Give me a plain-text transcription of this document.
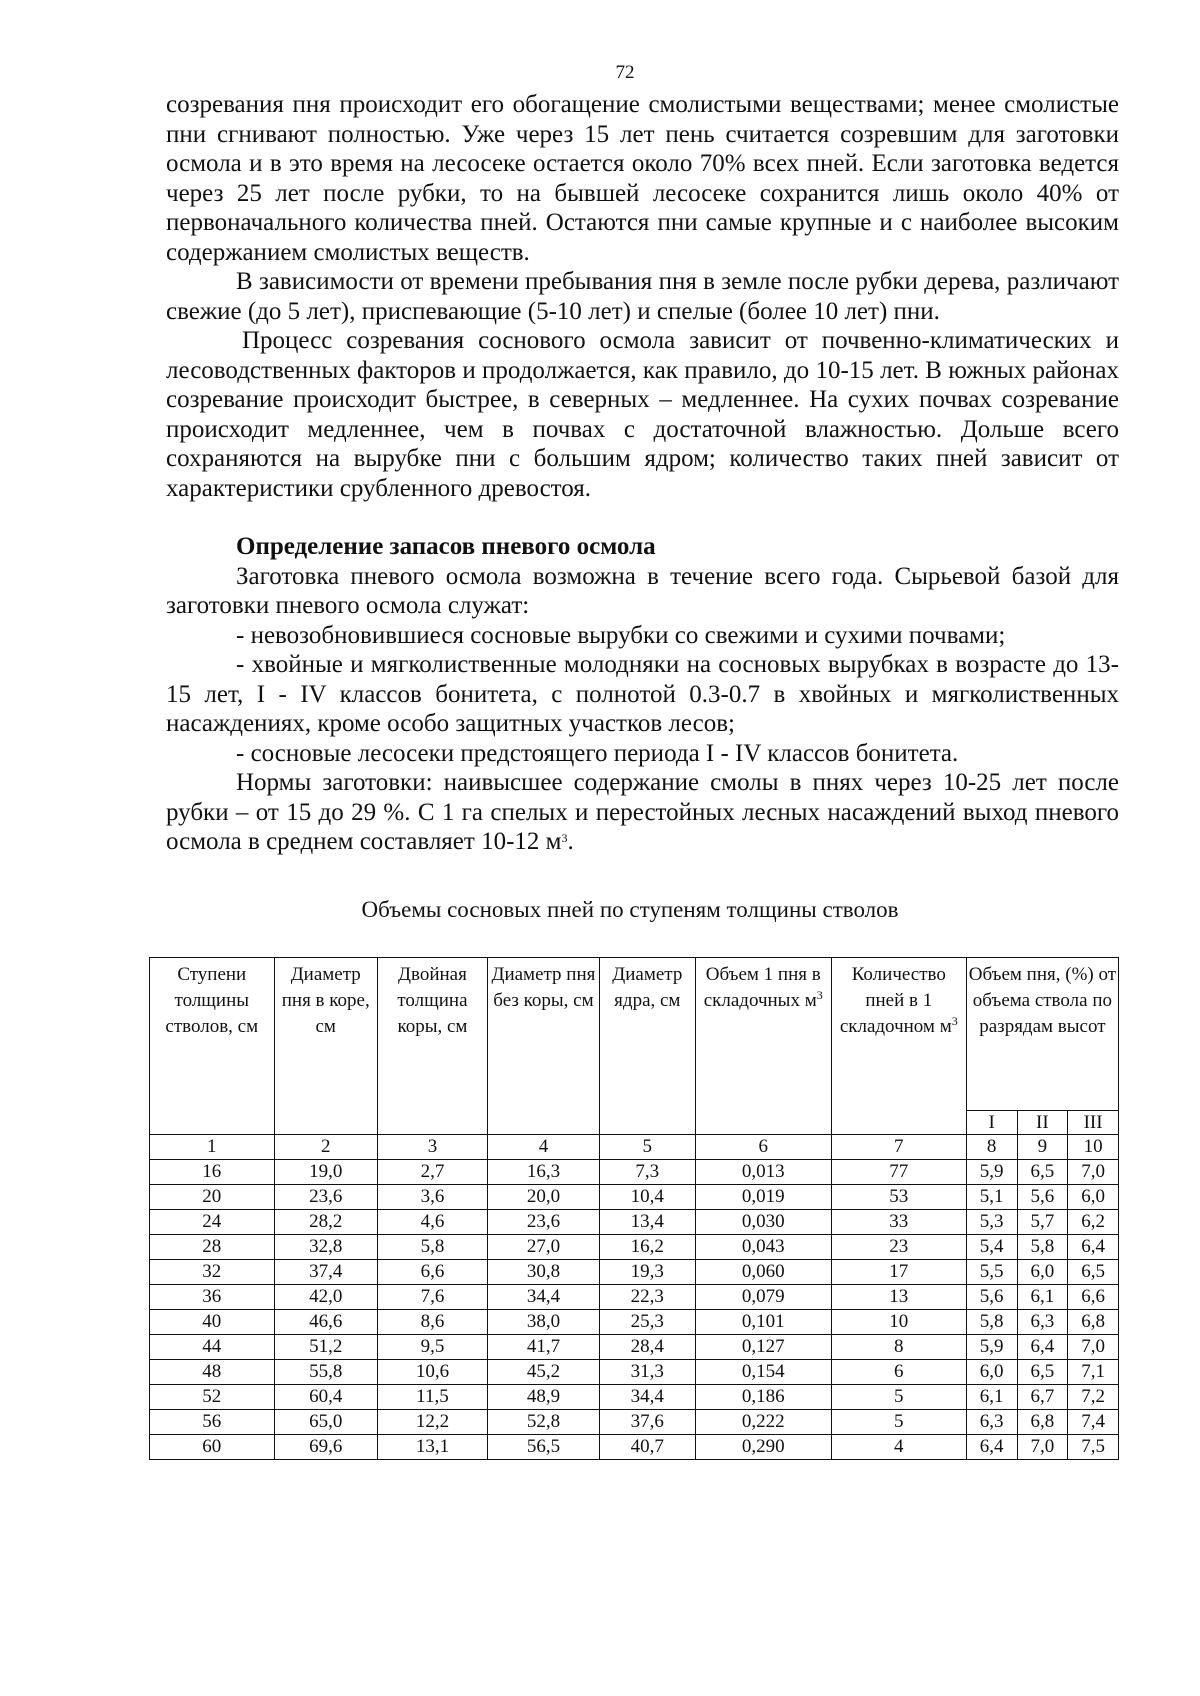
72

созревания пня происходит его обогащение смолистыми веществами; менее смолистые пни сгнивают полностью. Уже через 15 лет пень считается созревшим для заготовки осмола и в это время на лесосеке остается около 70% всех пней. Если заготовка ведется через 25 лет после рубки, то на бывшей лесосеке сохранится лишь около 40% от первоначального количества пней. Остаются пни самые крупные и с наиболее высоким содержанием смолистых веществ.

В зависимости от времени пребывания пня в земле после рубки дерева, различают свежие (до 5 лет), приспевающие (5-10 лет) и спелые (более 10 лет) пни.

Процесс созревания соснового осмола зависит от почвенно-климатических и лесоводственных факторов и продолжается, как правило, до 10-15 лет. В южных районах созревание происходит быстрее, в северных – медленнее. На сухих почвах созревание происходит медленнее, чем в почвах с достаточной влажностью. Дольше всего сохраняются на вырубке пни с большим ядром; количество таких пней зависит от характеристики срубленного древостоя.

Определение запасов пневого осмола

Заготовка пневого осмола возможна в течение всего года. Сырьевой базой для заготовки пневого осмола служат:

- невозобновившиеся сосновые вырубки со свежими и сухими почвами;

- хвойные и мягколиственные молодняки на сосновых вырубках в возрасте до 13-15 лет, I - IV классов бонитета, с полнотой 0.3-0.7 в хвойных и мягколиственных насаждениях, кроме особо защитных участков лесов;

- сосновые лесосеки предстоящего периода I - IV классов бонитета.

Нормы заготовки: наивысшее содержание смолы в пнях через 10-25 лет после рубки – от 15 до 29 %. С 1 га спелых и перестойных лесных насаждений выход пневого осмола в среднем составляет 10-12 $м^3$.

Объемы сосновых пней по ступеням толщины стволов
Ступени толщины стволов, см	Диаметр пня в коре, см	Двойная толщина коры, см	Диаметр пня без коры, см	Диаметр ядра, см	Объем 1 пня в складочных $м^3$	Количество пней в 1 складочном $м^3$	Объем пня, (%) от объема ствола по разрядам высот		
							I	II	III
1	2	3	4	5	6	7	8	9	10
16	19,0	2,7	16,3	7,3	0,013	77	5,9	6,5	7,0
20	23,6	3,6	20,0	10,4	0,019	53	5,1	5,6	6,0
24	28,2	4,6	23,6	13,4	0,030	33	5,3	5,7	6,2
28	32,8	5,8	27,0	16,2	0,043	23	5,4	5,8	6,4
32	37,4	6,6	30,8	19,3	0,060	17	5,5	6,0	6,5
36	42,0	7,6	34,4	22,3	0,079	13	5,6	6,1	6,6
40	46,6	8,6	38,0	25,3	0,101	10	5,8	6,3	6,8
44	51,2	9,5	41,7	28,4	0,127	8	5,9	6,4	7,0
48	55,8	10,6	45,2	31,3	0,154	6	6,0	6,5	7,1
52	60,4	11,5	48,9	34,4	0,186	5	6,1	6,7	7,2
56	65,0	12,2	52,8	37,6	0,222	5	6,3	6,8	7,4
60	69,6	13,1	56,5	40,7	0,290	4	6,4	7,0	7,5
